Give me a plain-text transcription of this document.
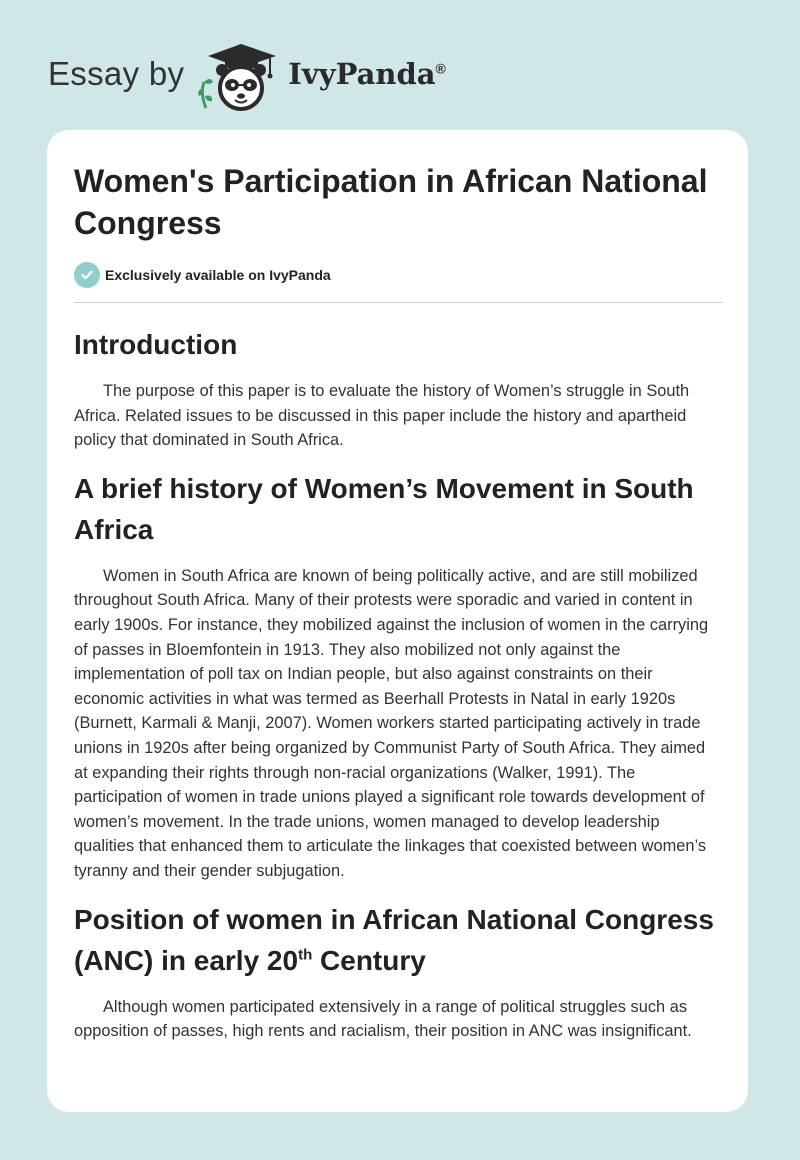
Essay by	IvyPanda®
Women's Participation in African National Congress
Exclusively available on IvyPanda
Introduction

The purpose of this paper is to evaluate the history of Women’s struggle in South Africa. Related issues to be discussed in this paper include the history and apartheid policy that dominated in South Africa.

A brief history of Women’s Movement in South Africa

Women in South Africa are known of being politically active, and are still mobilized throughout South Africa. Many of their protests were sporadic and varied in content in early 1900s. For instance, they mobilized against the inclusion of women in the carrying of passes in Bloemfontein in 1913. They also mobilized not only against the implementation of poll tax on Indian people, but also against constraints on their economic activities in what was termed as Beerhall Protests in Natal in early 1920s (Burnett, Karmali & Manji, 2007). Women workers started participating actively in trade unions in 1920s after being organized by Communist Party of South Africa. They aimed at expanding their rights through non-racial organizations (Walker, 1991). The participation of women in trade unions played a significant role towards development of women’s movement. In the trade unions, women managed to develop leadership qualities that enhanced them to articulate the linkages that coexisted between women’s tyranny and their gender subjugation.

Position of women in African National Congress (ANC) in early 20th Century

Although women participated extensively in a range of political struggles such as opposition of passes, high rents and racialism, their position in ANC was insignificant.
